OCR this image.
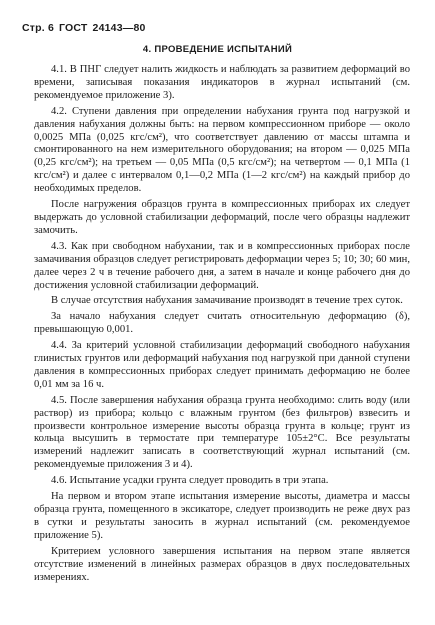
Стр. 6 ГОСТ 24143—80
4. ПРОВЕДЕНИЕ ИСПЫТАНИЙ

4.1. В ПНГ следует налить жидкость и наблюдать за развитием деформаций во времени, записывая показания индикаторов в журнал испытаний (см. рекомендуемое приложение 3).

4.2. Ступени давления при определении набухания грунта под нагрузкой и давления набухания должны быть: на первом компрессионном приборе — около 0,0025 МПа (0,025 кгс/см²), что соответствует давлению от массы штампа и смонтированного на нем измерительного оборудования; на втором — 0,025 МПа (0,25 кгс/см²); на третьем — 0,05 МПа (0,5 кгс/см²); на четвертом — 0,1 МПа (1 кгс/см²) и далее с интервалом 0,1—0,2 МПа (1—2 кгс/см²) на каждый прибор до необходимых пределов.

После нагружения образцов грунта в компрессионных приборах их следует выдержать до условной стабилизации деформаций, после чего образцы надлежит замочить.

4.3. Как при свободном набухании, так и в компрессионных приборах после замачивания образцов следует регистрировать деформации через 5; 10; 30; 60 мин, далее через 2 ч в течение рабочего дня, а затем в начале и конце рабочего дня до достижения условной стабилизации деформаций.

В случае отсутствия набухания замачивание производят в течение трех суток.

За начало набухания следует считать относительную деформацию (δ), превышающую 0,001.

4.4. За критерий условной стабилизации деформаций свободного набухания глинистых грунтов или деформаций набухания под нагрузкой при данной ступени давления в компрессионных приборах следует принимать деформацию не более 0,01 мм за 16 ч.

4.5. После завершения набухания образца грунта необходимо: слить воду (или раствор) из прибора; кольцо с влажным грунтом (без фильтров) взвесить и произвести контрольное измерение высоты образца грунта в кольце; грунт из кольца высушить в термостате при температуре 105±2°С. Все результаты измерений надлежит записать в соответствующий журнал испытаний (см. рекомендуемые приложения 3 и 4).

4.6. Испытание усадки грунта следует проводить в три этапа.

На первом и втором этапе испытания измерение высоты, диаметра и массы образца грунта, помещенного в эксикаторе, следует производить не реже двух раз в сутки и результаты заносить в журнал испытаний (см. рекомендуемое приложение 5).

Критерием условного завершения испытания на первом этапе является отсутствие изменений в линейных размерах образцов в двух последовательных измерениях.
